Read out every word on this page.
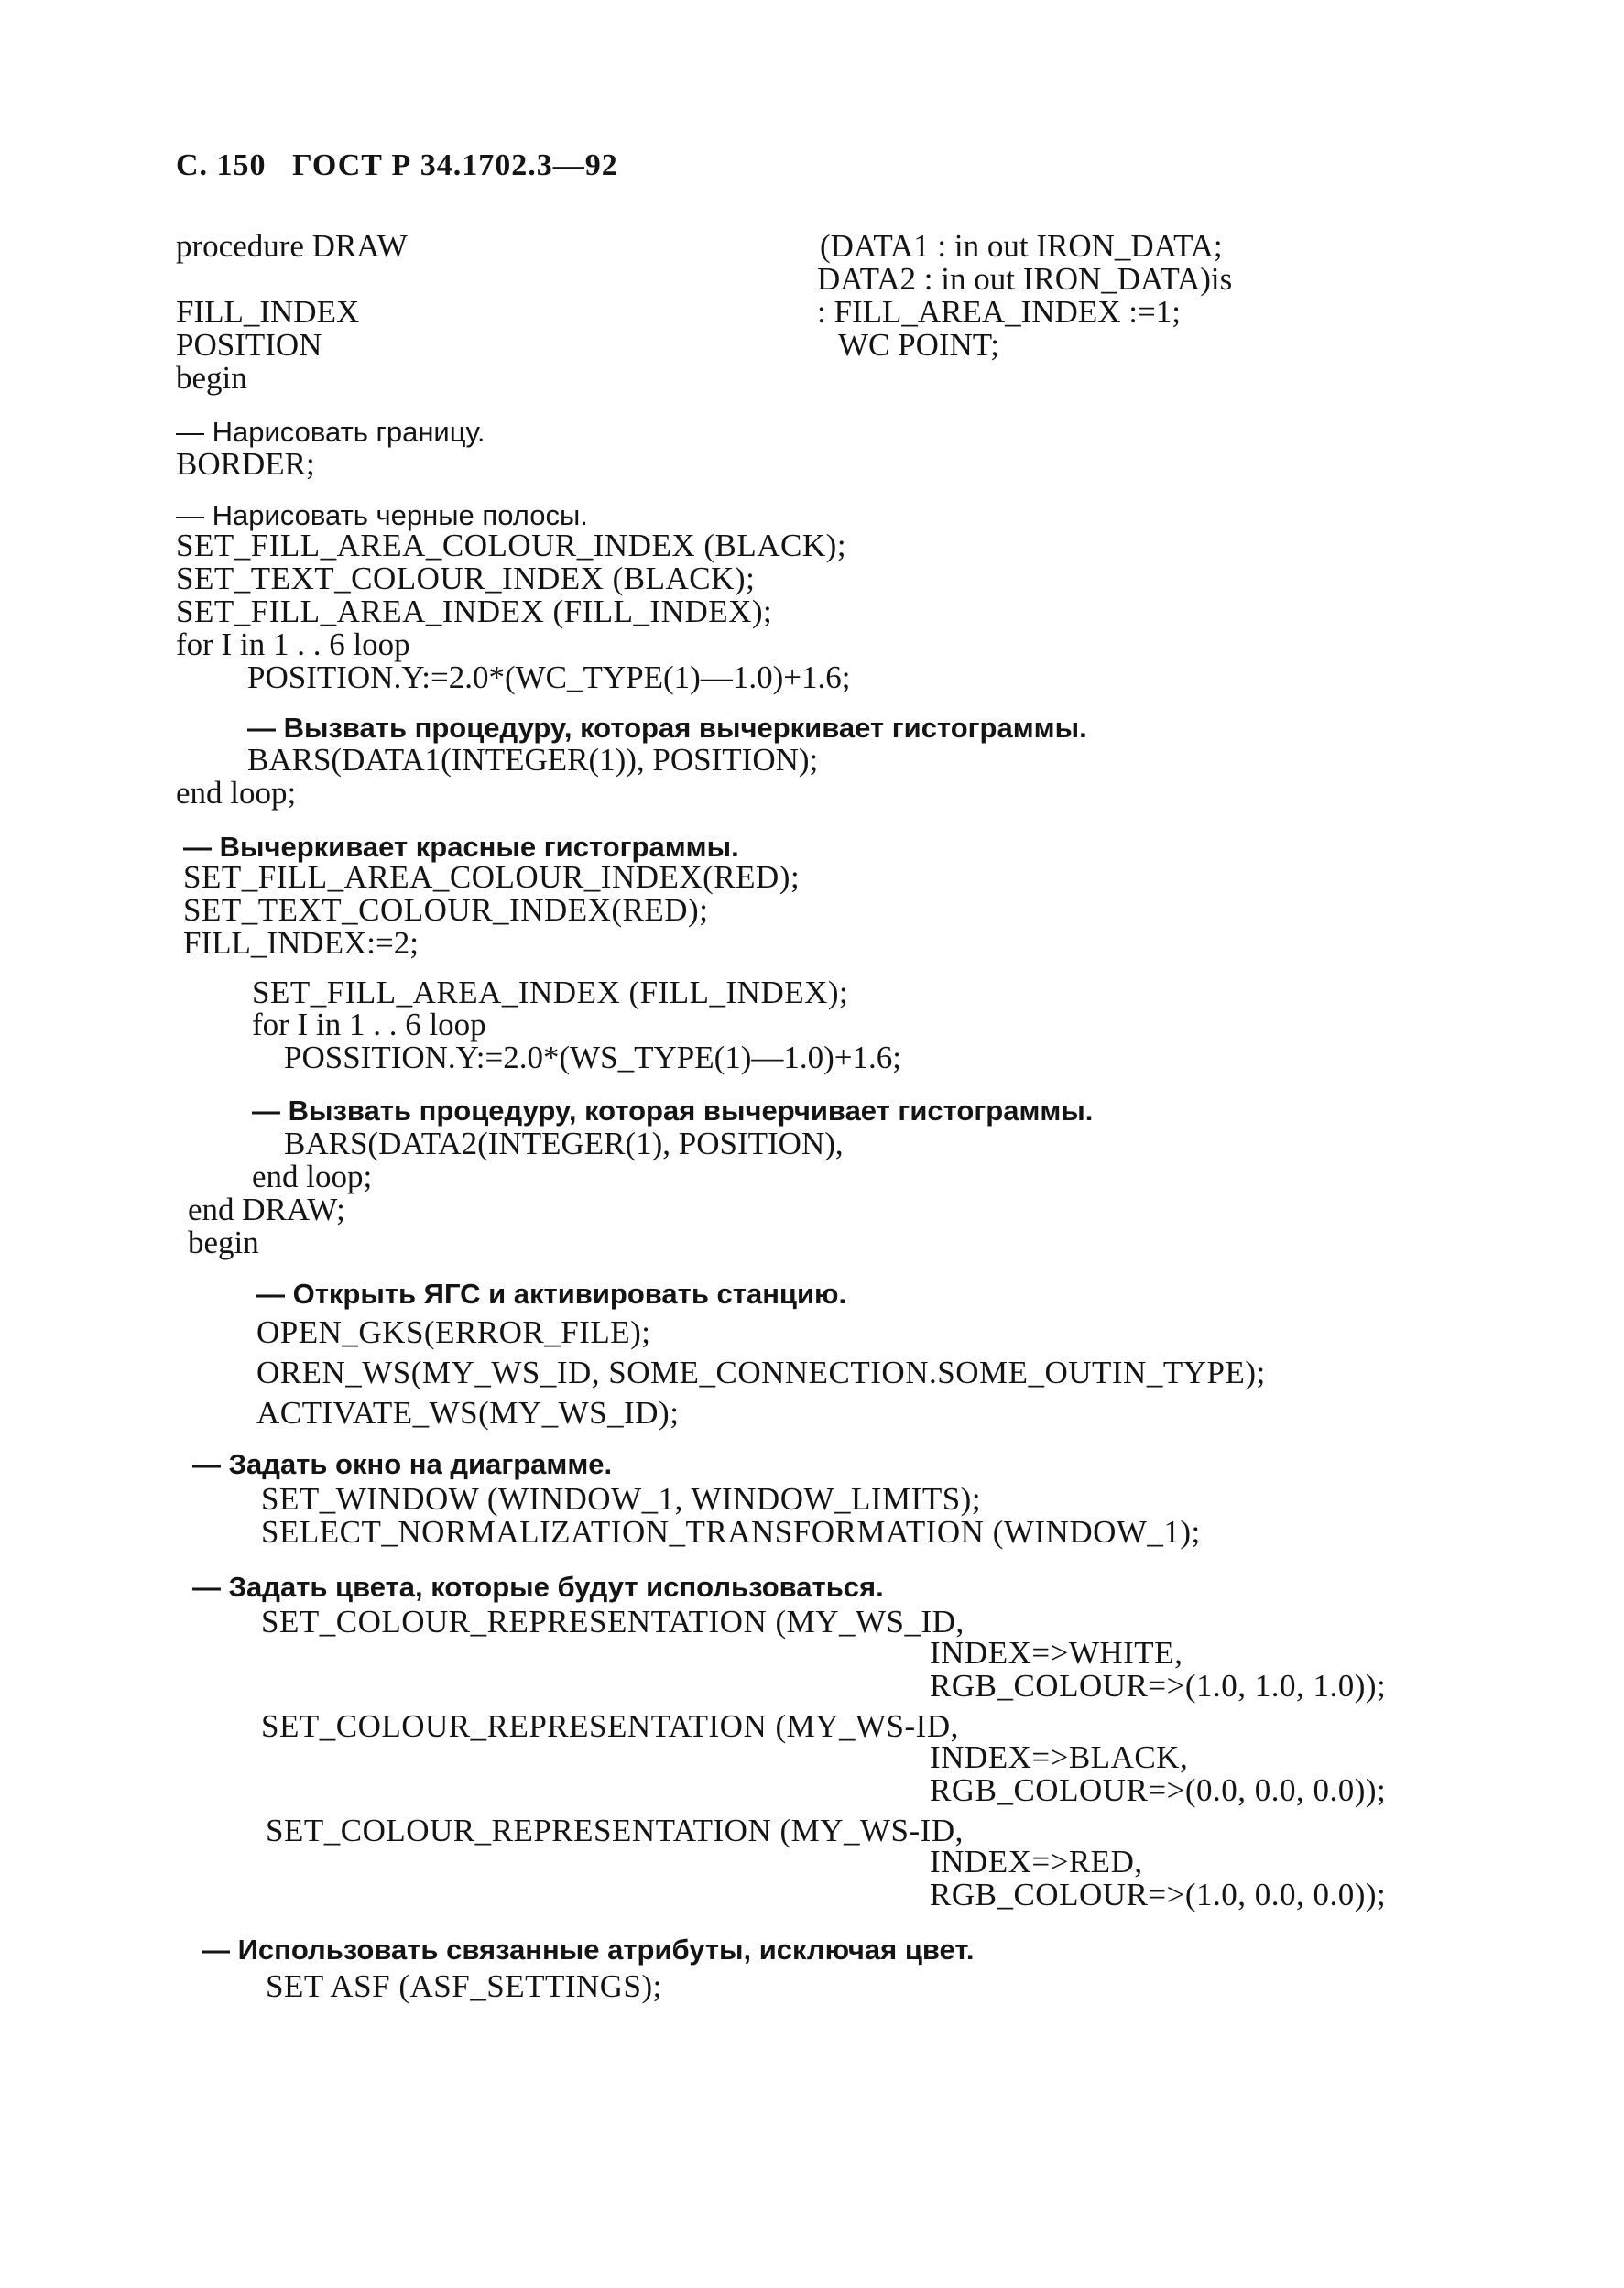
С. 150 ГОСТ Р 34.1702.3—92
procedure DRAW	(DATA1 : in out IRON_DATA;
DATA2 : in out IRON_DATA)is
FILL_INDEX	: FILL_AREA_INDEX :=1;
POSITION	WC POINT;
begin
— Нарисовать границу.
BORDER;
— Нарисовать черные полосы.
SET_FILL_AREA_COLOUR_INDEX (BLACK);
SET_TEXT_COLOUR_INDEX (BLACK);
SET_FILL_AREA_INDEX (FILL_INDEX);
for I in 1 . . 6 loop
POSITION.Y:=2.0*(WC_TYPE(1)—1.0)+1.6;
— Вызвать процедуру, которая вычеркивает гистограммы.
BARS(DATA1(INTEGER(1)), POSITION);
end loop;
— Вычеркивает красные гистограммы.
SET_FILL_AREA_COLOUR_INDEX(RED);
SET_TEXT_COLOUR_INDEX(RED);
FILL_INDEX:=2;
SET_FILL_AREA_INDEX (FILL_INDEX);
for I in 1 . . 6 loop
POSSITION.Y:=2.0*(WS_TYPE(1)—1.0)+1.6;
— Вызвать процедуру, которая вычерчивает гистограммы.
BARS(DATA2(INTEGER(1), POSITION),
end loop;
end DRAW;
begin
— Открыть ЯГС и активировать станцию.
OPEN_GKS(ERROR_FILE);
OREN_WS(MY_WS_ID, SOME_CONNECTION.SOME_OUTIN_TYPE);
ACTIVATE_WS(MY_WS_ID);
— Задать окно на диаграмме.
SET_WINDOW (WINDOW_1, WINDOW_LIMITS);
SELECT_NORMALIZATION_TRANSFORMATION (WINDOW_1);
— Задать цвета, которые будут использоваться.
SET_COLOUR_REPRESENTATION (MY_WS_ID,
INDEX=>WHITE,
RGB_COLOUR=>(1.0, 1.0, 1.0));
SET_COLOUR_REPRESENTATION (MY_WS-ID,
INDEX=>BLACK,
RGB_COLOUR=>(0.0, 0.0, 0.0));
SET_COLOUR_REPRESENTATION (MY_WS-ID,
INDEX=>RED,
RGB_COLOUR=>(1.0, 0.0, 0.0));
— Использовать связанные атрибуты, исключая цвет.
SET ASF (ASF_SETTINGS);
